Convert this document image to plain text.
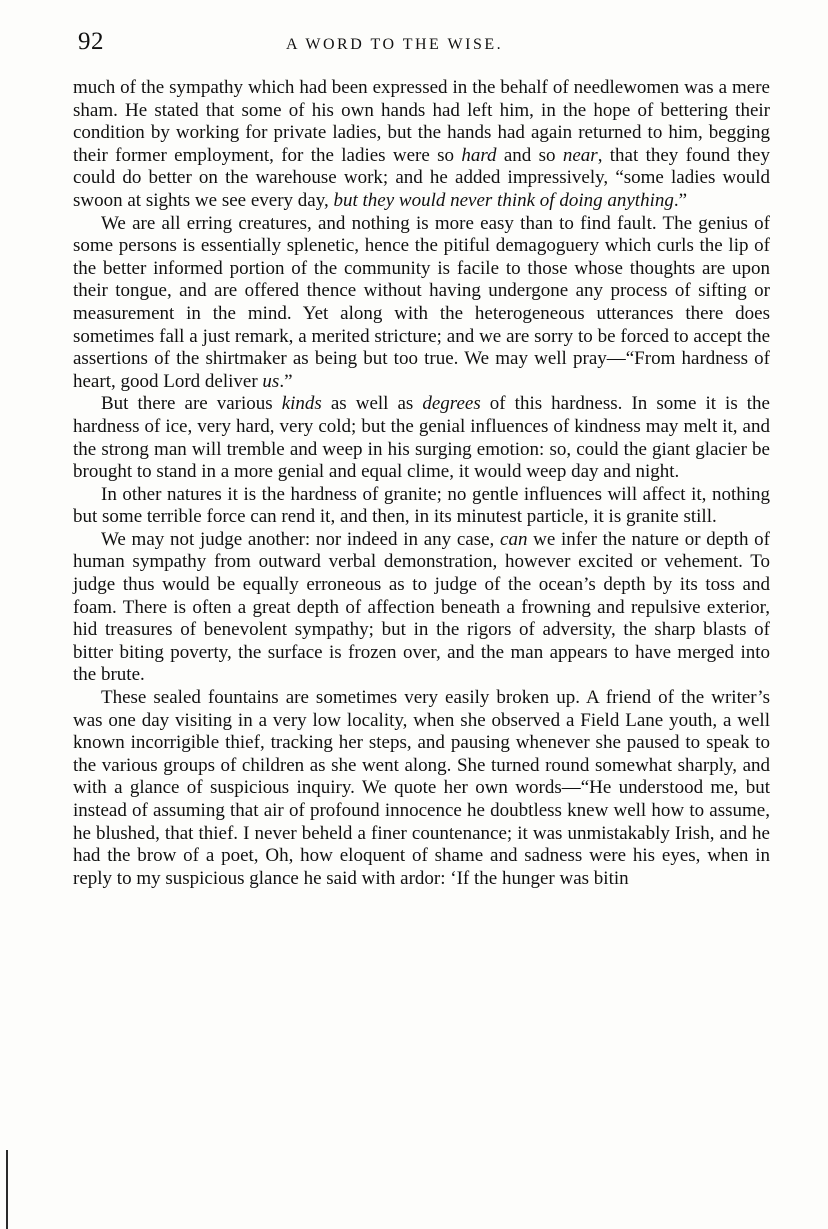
92	A WORD TO THE WISE.

much of the sympathy which had been expressed in the behalf of needlewomen was a mere sham. He stated that some of his own hands had left him, in the hope of bettering their condition by working for private ladies, but the hands had again returned to him, begging their former employment, for the ladies were so hard and so near, that they found they could do better on the warehouse work; and he added impressively, “some ladies would swoon at sights we see every day, but they would never think of doing anything.”

We are all erring creatures, and nothing is more easy than to find fault. The genius of some persons is essentially splenetic, hence the pitiful demagoguery which curls the lip of the better informed portion of the community is facile to those whose thoughts are upon their tongue, and are offered thence without having undergone any process of sifting or measurement in the mind. Yet along with the heterogeneous utterances there does sometimes fall a just remark, a merited stricture; and we are sorry to be forced to accept the assertions of the shirtmaker as being but too true. We may well pray—“From hardness of heart, good Lord deliver us.”

But there are various kinds as well as degrees of this hardness. In some it is the hardness of ice, very hard, very cold; but the genial influences of kindness may melt it, and the strong man will tremble and weep in his surging emotion: so, could the giant glacier be brought to stand in a more genial and equal clime, it would weep day and night.

In other natures it is the hardness of granite; no gentle influences will affect it, nothing but some terrible force can rend it, and then, in its minutest particle, it is granite still.

We may not judge another: nor indeed in any case, can we infer the nature or depth of human sympathy from outward verbal demonstration, however excited or vehement. To judge thus would be equally erroneous as to judge of the ocean’s depth by its toss and foam. There is often a great depth of affection beneath a frowning and repulsive exterior, hid treasures of benevolent sympathy; but in the rigors of adversity, the sharp blasts of bitter biting poverty, the surface is frozen over, and the man appears to have merged into the brute.

These sealed fountains are sometimes very easily broken up. A friend of the writer’s was one day visiting in a very low locality, when she observed a Field Lane youth, a well known incorrigible thief, tracking her steps, and pausing whenever she paused to speak to the various groups of children as she went along. She turned round somewhat sharply, and with a glance of suspicious inquiry. We quote her own words—“He understood me, but instead of assuming that air of profound innocence he doubtless knew well how to assume, he blushed, that thief. I never beheld a finer countenance; it was unmistakably Irish, and he had the brow of a poet, Oh, how eloquent of shame and sadness were his eyes, when in reply to my suspicious glance he said with ardor: ‘If the hunger was bitin
